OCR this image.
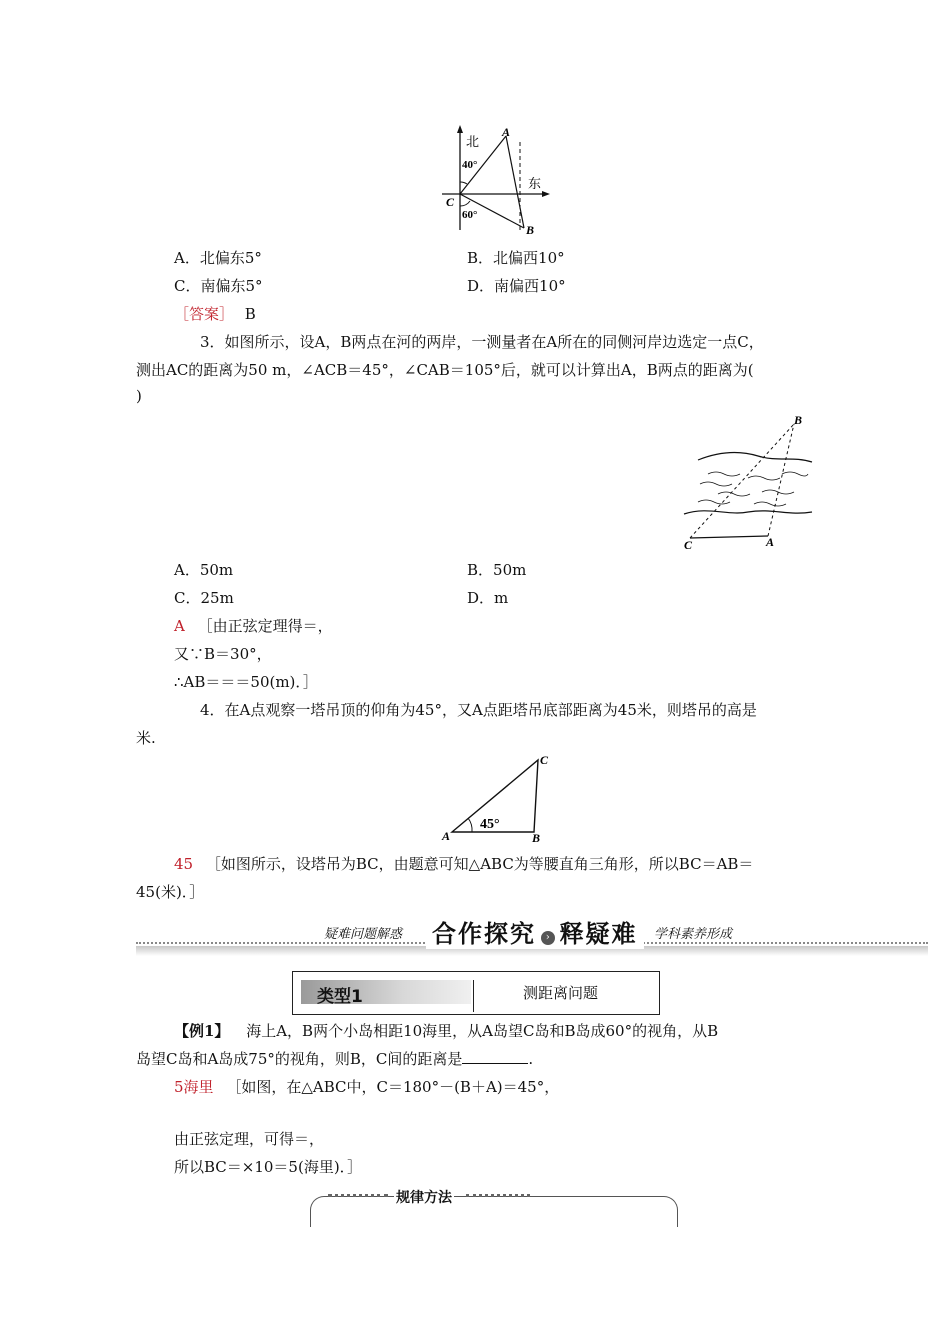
北
A
40°
东
C
60°
B
A．北偏东5°	B．北偏西10°
C．南偏东5°	D．南偏西10°
［答案］ B
3．如图所示，设A，B两点在河的两岸，一测量者在A所在的同侧河岸边选定一点C，
测出AC的距离为50 m，∠ACB＝45°，∠CAB＝105°后，就可以计算出A，B两点的距离为(
)
B
C	A
A．50m	B．50m
C．25m	D．m
A ［由正弦定理得＝，
又∵B＝30°，
∴AB＝＝＝50(m)．］
4．在A点观察一塔吊顶的仰角为45°，又A点距塔吊底部距离为45米，则塔吊的高是
米.
C
45°
A	B
45 ［如图所示，设塔吊为BC，由题意可知△ABC为等腰直角三角形，所以BC＝AB＝
45(米)．］
疑难问题解惑 合作探究 › 释疑难	学科素养形成
类型1	测距离问题
【例1】 海上A，B两个小岛相距10海里，从A岛望C岛和B岛成60°的视角，从B
岛望C岛和A岛成75°的视角，则B，C间的距离是	.
5海里 ［如图，在△ABC中，C＝180°－(B＋A)＝45°，
由正弦定理，可得＝，
所以BC＝×10＝5(海里)．］
规律方法
